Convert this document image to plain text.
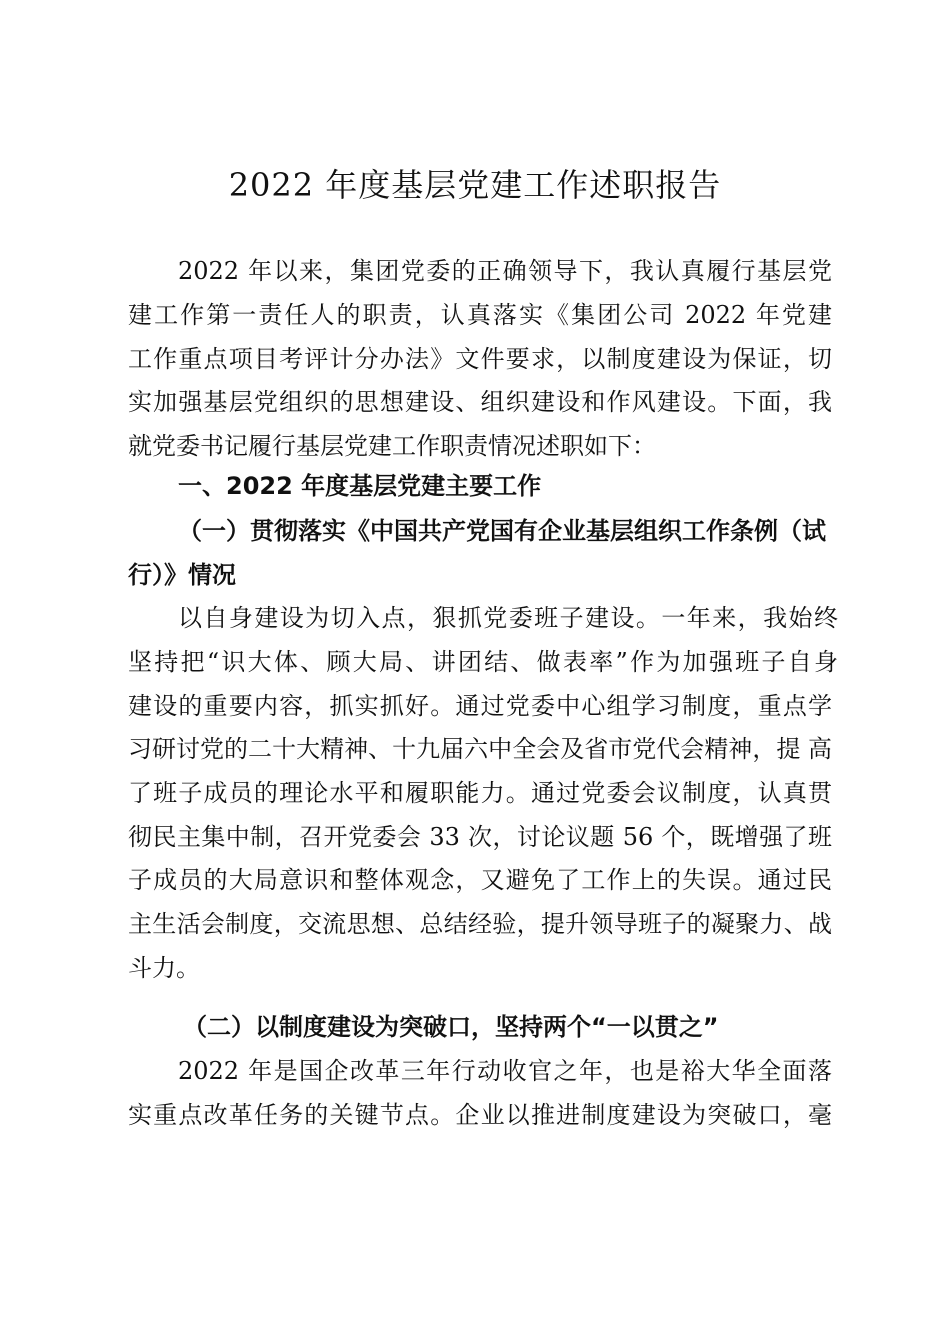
2022 年度基层党建工作述职报告
2022 年以来，集团党委的正确领导下，我认真履行基层党
建工作第一责任人的职责，认真落实《集团公司 2022 年党建
工作重点项目考评计分办法》文件要求，以制度建设为保证，切
实加强基层党组织的思想建设、组织建设和作风建设。下面，我
就党委书记履行基层党建工作职责情况述职如下：
一、2022 年度基层党建主要工作
（一）贯彻落实《中国共产党国有企业基层组织工作条例（试
行）》情况
以自身建设为切入点，狠抓党委班子建设。一年来，我始终
坚持把“识大体、顾大局、讲团结、做表率”作为加强班子自身
建设的重要内容，抓实抓好。通过党委中心组学习制度，重点学
习研讨党的二十大精神、十九届六中全会及省市党代会精神，提 高
了班子成员的理论水平和履职能力。通过党委会议制度，认真贯
彻民主集中制，召开党委会 33 次，讨论议题 56 个，既增强了班
子成员的大局意识和整体观念，又避免了工作上的失误。通过民
主生活会制度，交流思想、总结经验，提升领导班子的凝聚力、战
斗力。
（二）以制度建设为突破口，坚持两个“一以贯之”
2022 年是国企改革三年行动收官之年，也是裕大华全面落
实重点改革任务的关键节点。企业以推进制度建设为突破口，毫
